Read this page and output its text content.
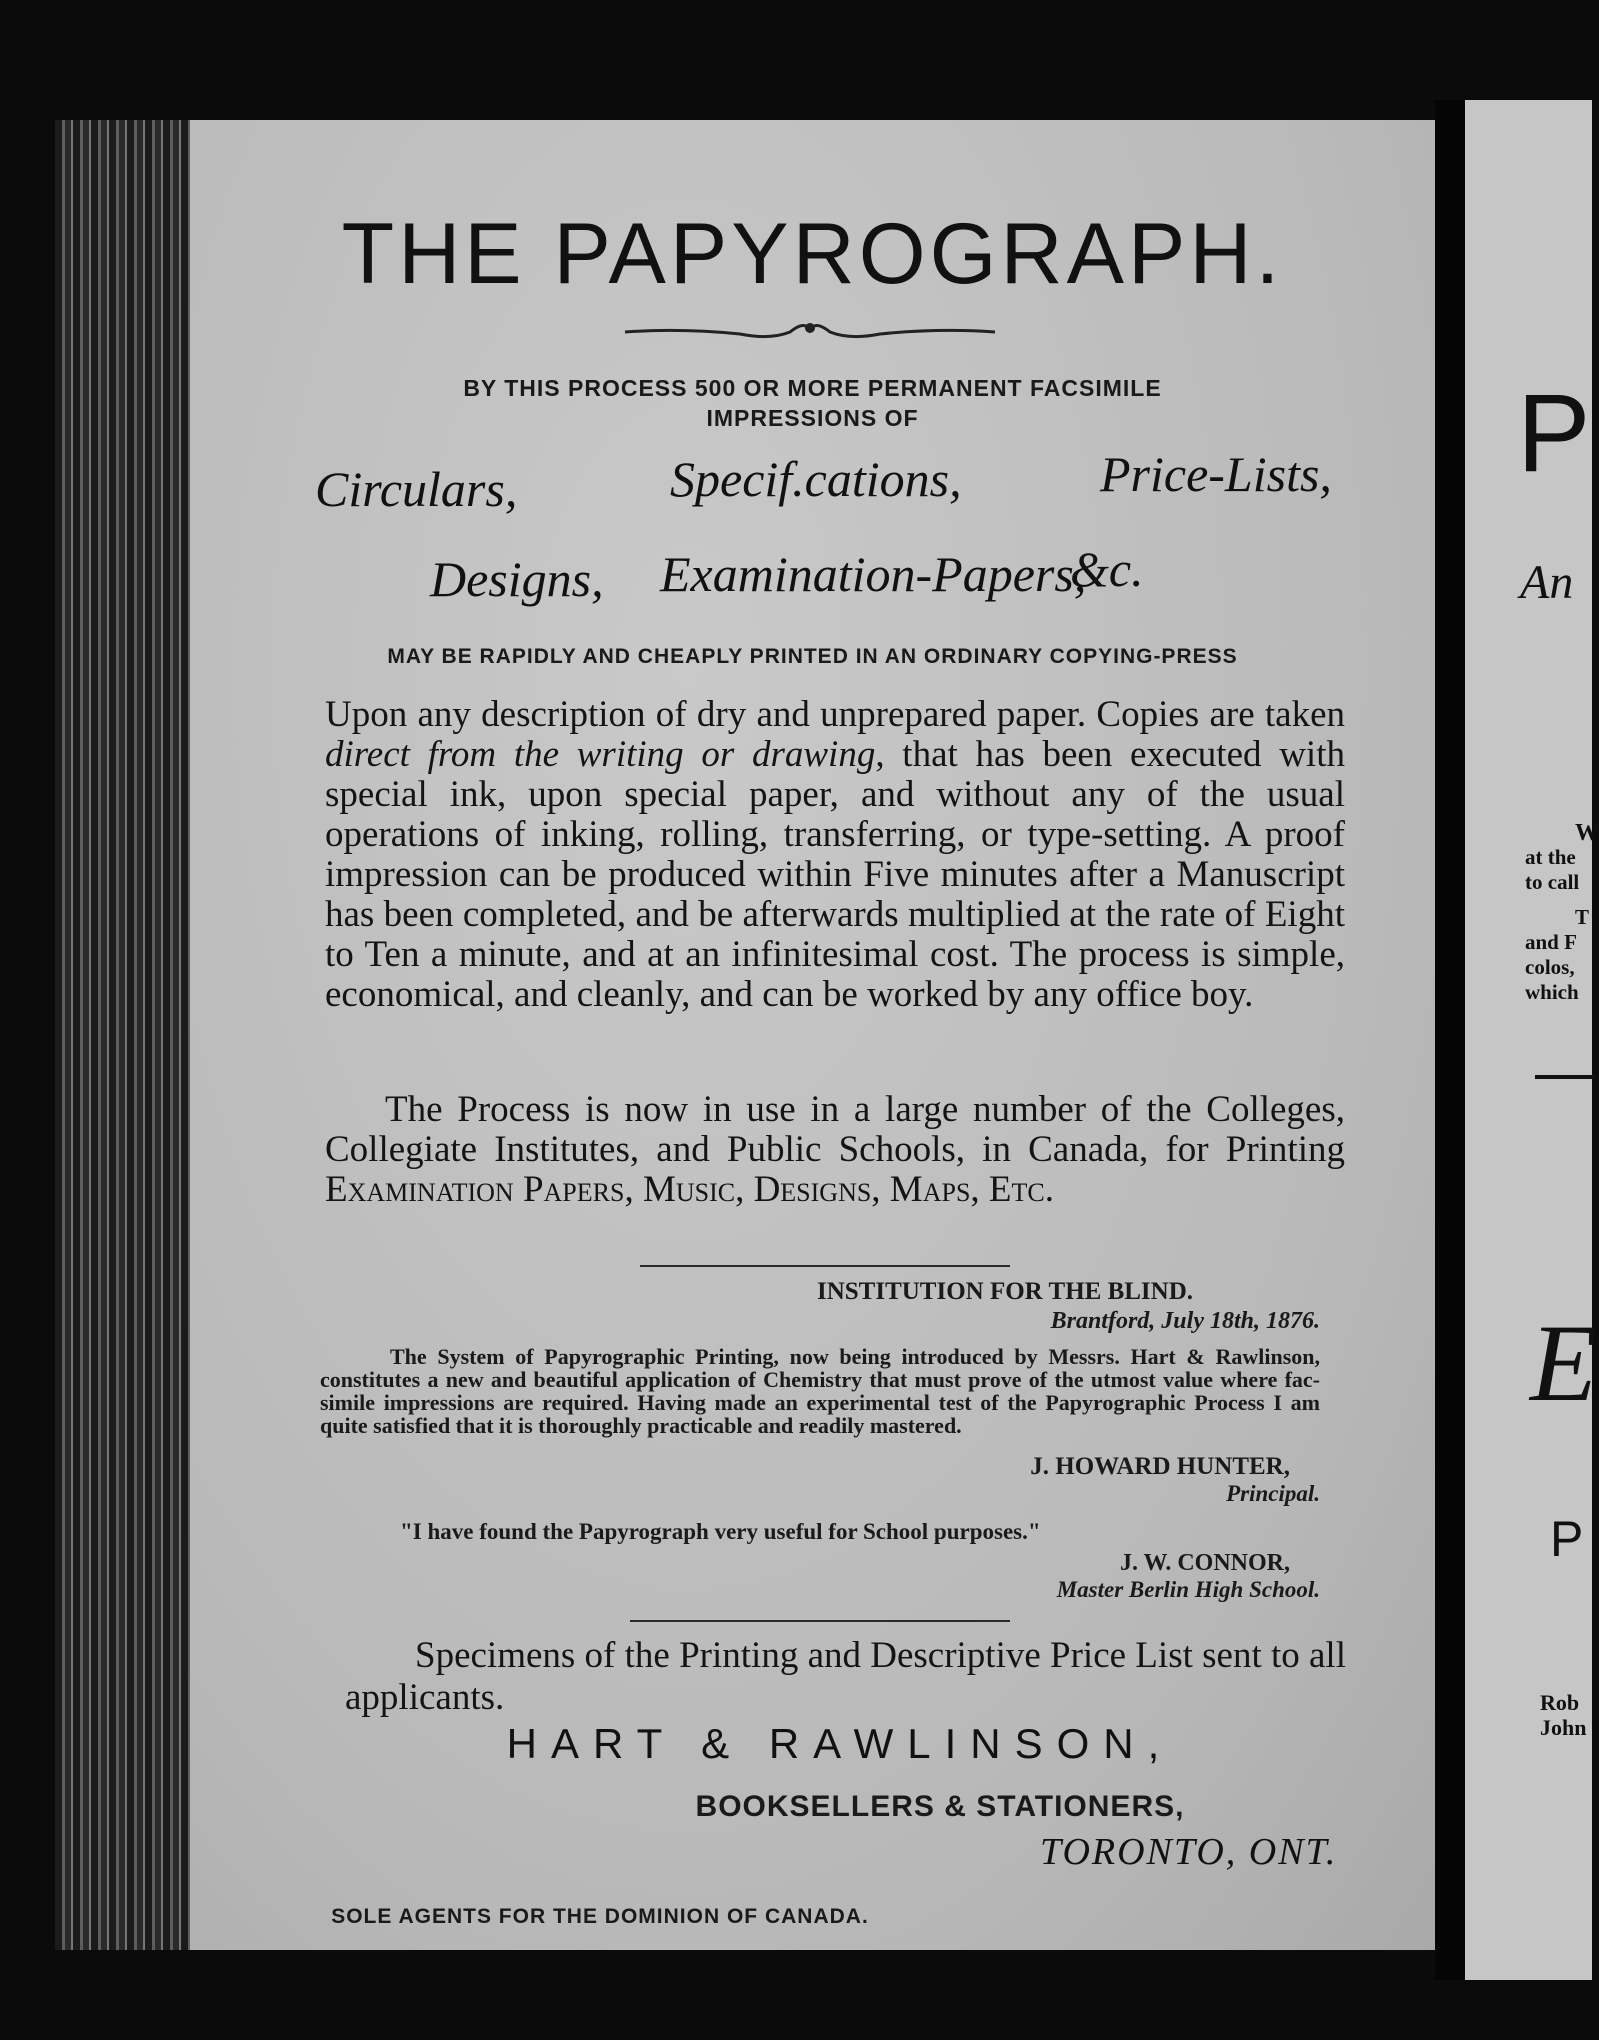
THE PAPYROGRAPH.
BY THIS PROCESS 500 OR MORE PERMANENT FACSIMILE
IMPRESSIONS OF
Circulars,	Specif.cations,	Price-Lists,
Designs, Examination-Papers,
&c.
MAY BE RAPIDLY AND CHEAPLY PRINTED IN AN ORDINARY COPYING-PRESS
Upon any description of dry and unprepared paper. Copies are taken direct from the writing or drawing, that has been executed with special ink, upon special paper, and without any of the usual operations of inking, rolling, transferring, or type-setting. A proof impression can be produced within Five minutes after a Manuscript has been completed, and be afterwards multiplied at the rate of Eight to Ten a minute, and at an infinitesimal cost. The process is simple, economical, and cleanly, and can be worked by any office boy.
The Process is now in use in a large number of the Colleges, Collegiate Institutes, and Public Schools, in Canada, for Printing Examination Papers, Music, Designs, Maps, Etc.
INSTITUTION FOR THE BLIND.
Brantford, July 18th, 1876.
The System of Papyrographic Printing, now being introduced by Messrs. Hart & Rawlinson, constitutes a new and beautiful application of Chemistry that must prove of the utmost value where fac-simile impressions are required. Having made an experimental test of the Papyrographic Process I am quite satisfied that it is thoroughly practicable and readily mastered.
J. HOWARD HUNTER,
Principal.
"I have found the Papyrograph very useful for School purposes."
J. W. CONNOR,
Master Berlin High School.
Specimens of the Printing and Descriptive Price List sent to all applicants.
HART & RAWLINSON,
BOOKSELLERS & STATIONERS,
TORONTO, ONT.
SOLE AGENTS FOR THE DOMINION OF CANADA.
P
An
W
at the
to call
T
and F
colos,
which
E
P
Rob
John
